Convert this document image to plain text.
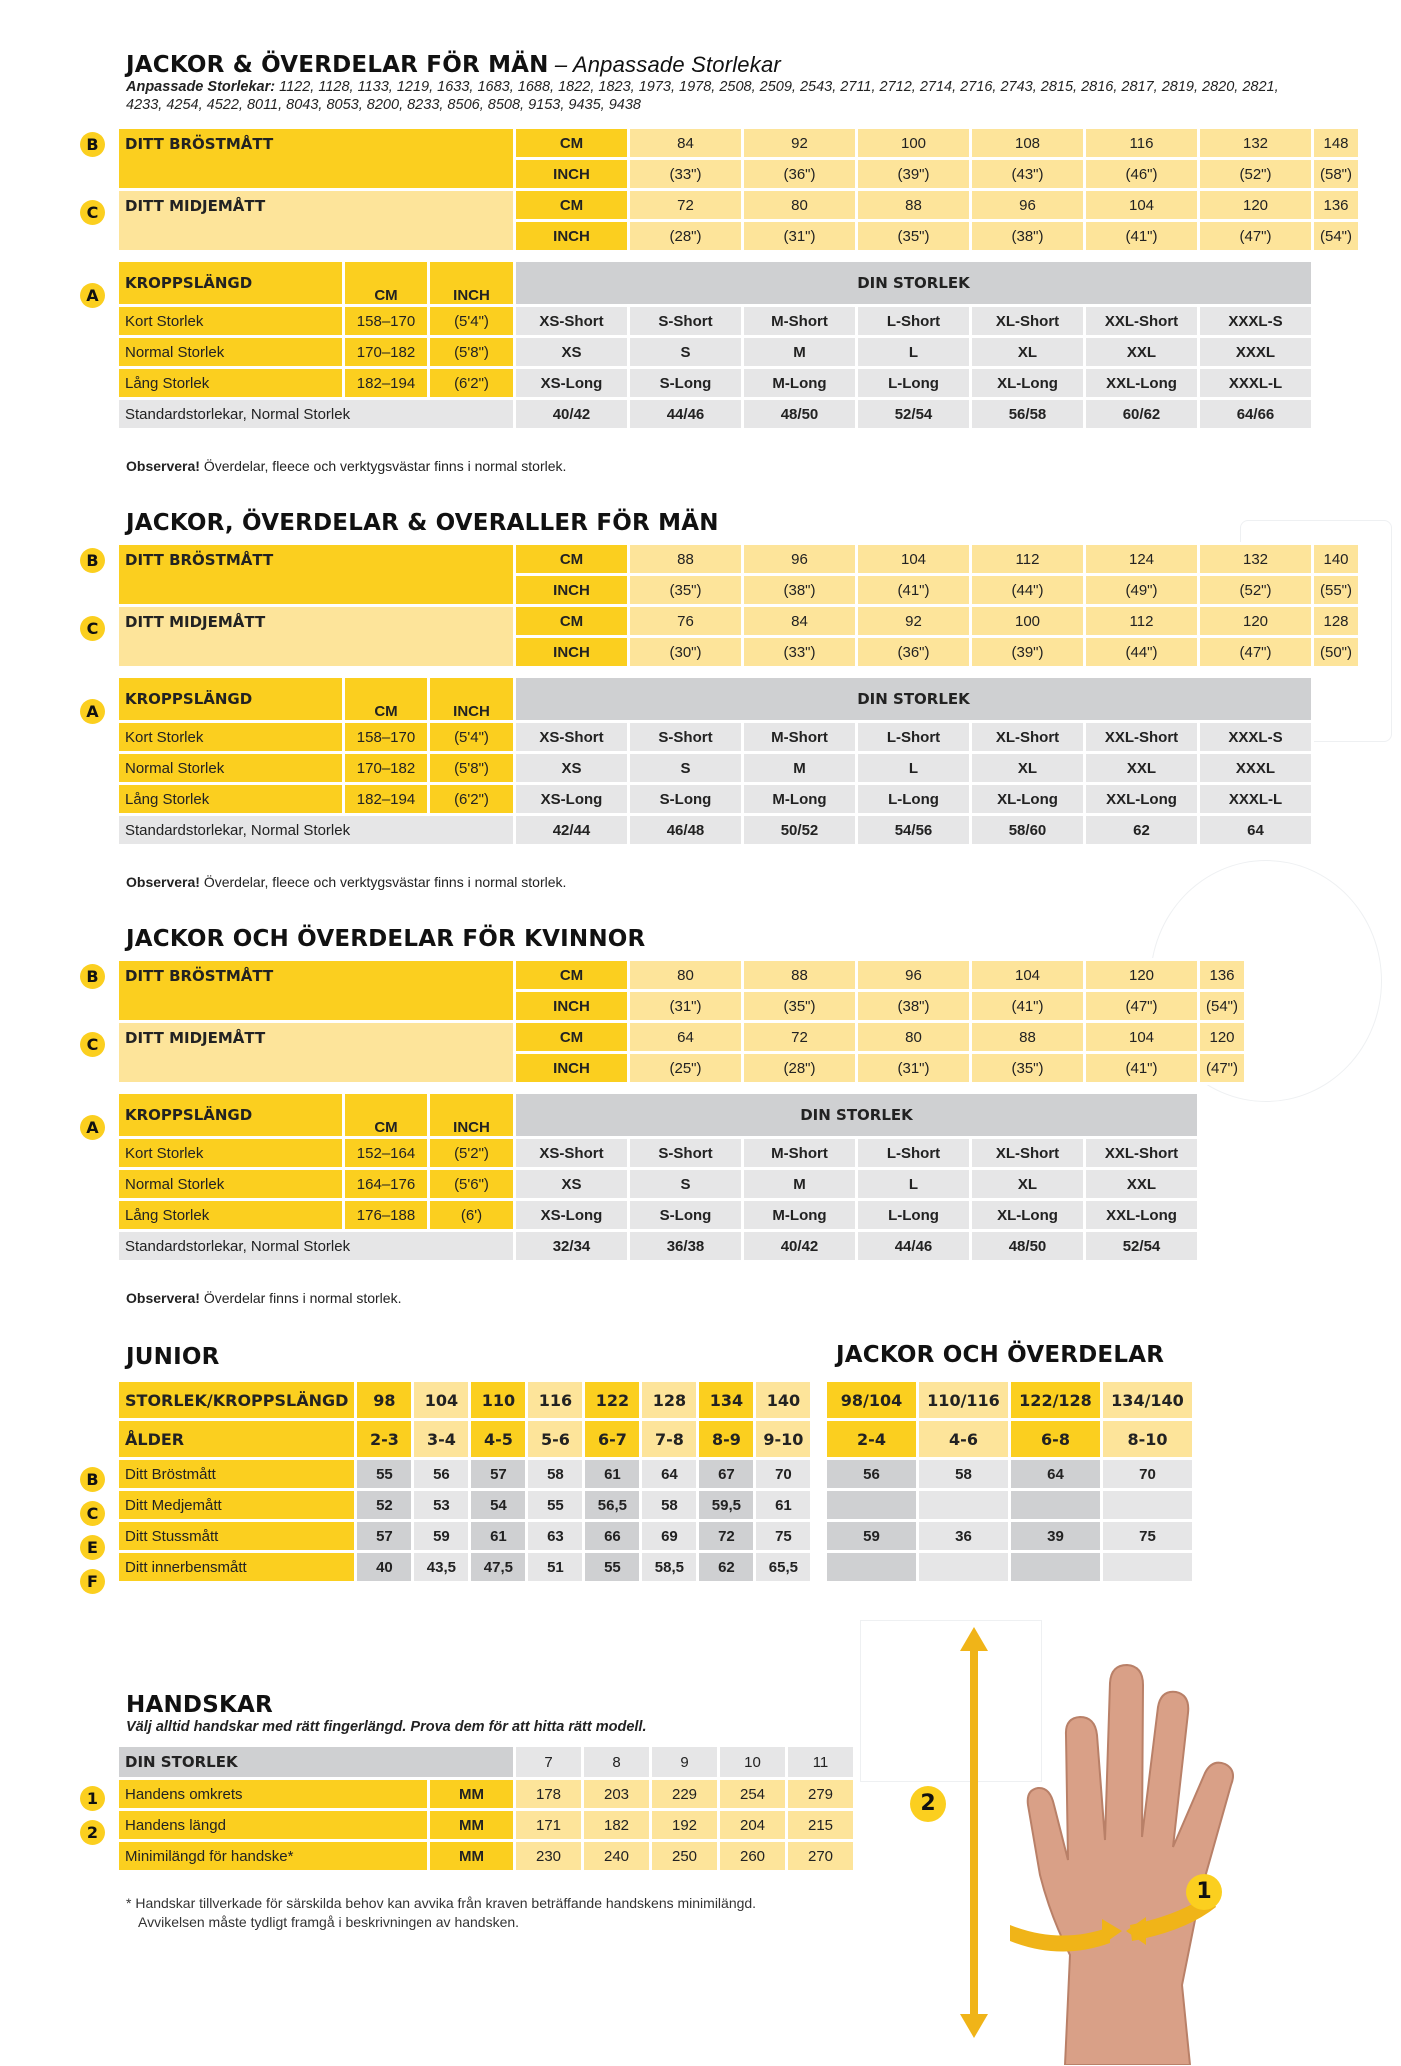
JACKOR & ÖVERDELAR FÖR MÄN – Anpassade Storlekar
Anpassade Storlekar: 1122, 1128, 1133, 1219, 1633, 1683, 1688, 1822, 1823, 1973, 1978, 2508, 2509, 2543, 2711, 2712, 2714, 2716, 2743, 2815, 2816, 2817, 2819, 2820, 2821, 4233, 4254, 4522, 8011, 8043, 8053, 8200, 8233, 8506, 8508, 9153, 9435, 9438
B
C
A
DITT BRÖSTMÅTT			CM	84	92	100	108	116	132	148
			INCH	(33")	(36")	(39")	(43")	(46")	(52")	(58")
DITT MIDJEMÅTT			CM	72	80	88	96	104	120	136
			INCH	(28")	(31")	(35")	(38")	(41")	(47")	(54")

KROPPSLÄNGD	CM	INCH	DIN STORLEK							
Kort Storlek	158–170	(5'4")	XS-Short	S-Short	M-Short	L-Short	XL-Short	XXL-Short	XXXL-S	
Normal Storlek	170–182	(5'8")	XS	S	M	L	XL	XXL	XXXL	
Lång Storlek	182–194	(6'2")	XS-Long	S-Long	M-Long	L-Long	XL-Long	XXL-Long	XXXL-L	
Standardstorlekar, Normal Storlek			40/42	44/46	48/50	52/54	56/58	60/62	64/66	
Observera! Överdelar, fleece och verktygsvästar finns i normal storlek.
JACKOR, ÖVERDELAR & OVERALLER FÖR MÄN
B
C
A
DITT BRÖSTMÅTT			CM	88	96	104	112	124	132	140
			INCH	(35")	(38")	(41")	(44")	(49")	(52")	(55")
DITT MIDJEMÅTT			CM	76	84	92	100	112	120	128
			INCH	(30")	(33")	(36")	(39")	(44")	(47")	(50")

KROPPSLÄNGD	CM	INCH	DIN STORLEK							
Kort Storlek	158–170	(5'4")	XS-Short	S-Short	M-Short	L-Short	XL-Short	XXL-Short	XXXL-S	
Normal Storlek	170–182	(5'8")	XS	S	M	L	XL	XXL	XXXL	
Lång Storlek	182–194	(6'2")	XS-Long	S-Long	M-Long	L-Long	XL-Long	XXL-Long	XXXL-L	
Standardstorlekar, Normal Storlek			42/44	46/48	50/52	54/56	58/60	62	64	
Observera! Överdelar, fleece och verktygsvästar finns i normal storlek.
JACKOR OCH ÖVERDELAR FÖR KVINNOR
B
C
A
DITT BRÖSTMÅTT			CM	80	88	96	104	120	136
			INCH	(31")	(35")	(38")	(41")	(47")	(54")
DITT MIDJEMÅTT			CM	64	72	80	88	104	120
			INCH	(25")	(28")	(31")	(35")	(41")	(47")

KROPPSLÄNGD	CM	INCH	DIN STORLEK						
Kort Storlek	152–164	(5'2")	XS-Short	S-Short	M-Short	L-Short	XL-Short	XXL-Short	
Normal Storlek	164–176	(5'6")	XS	S	M	L	XL	XXL	
Lång Storlek	176–188	(6')	XS-Long	S-Long	M-Long	L-Long	XL-Long	XXL-Long	
Standardstorlekar, Normal Storlek			32/34	36/38	40/42	44/46	48/50	52/54	
Observera! Överdelar finns i normal storlek.
JUNIOR	JACKOR OCH ÖVERDELAR
B
C
E
F
STORLEK/KROPPSLÄNGD	98	104	110	116	122	128	134	140
ÅLDER	2-3	3-4	4-5	5-6	6-7	7-8	8-9	9-10
Ditt Bröstmått	55	56	57	58	61	64	67	70
Ditt Medjemått	52	53	54	55	56,5	58	59,5	61
Ditt Stussmått	57	59	61	63	66	69	72	75
Ditt innerbensmått	40	43,5	47,5	51	55	58,5	62	65,5
98/104	110/116	122/128	134/140
2-4	4-6	6-8	8-10
56	58	64	70

59	36	39	75

HANDSKAR
Välj alltid handskar med rätt fingerlängd. Prova dem för att hitta rätt modell.
1
2
DIN STORLEK		7	8	9	10	11
Handens omkrets	MM	178	203	229	254	279
Handens längd	MM	171	182	192	204	215
Minimilängd för handske*	MM	230	240	250	260	270
* Handskar tillverkade för särskilda behov kan avvika från kraven beträffande handskens minimilängd.
Avvikelsen måste tydligt framgå i beskrivningen av handsken.
2
1
